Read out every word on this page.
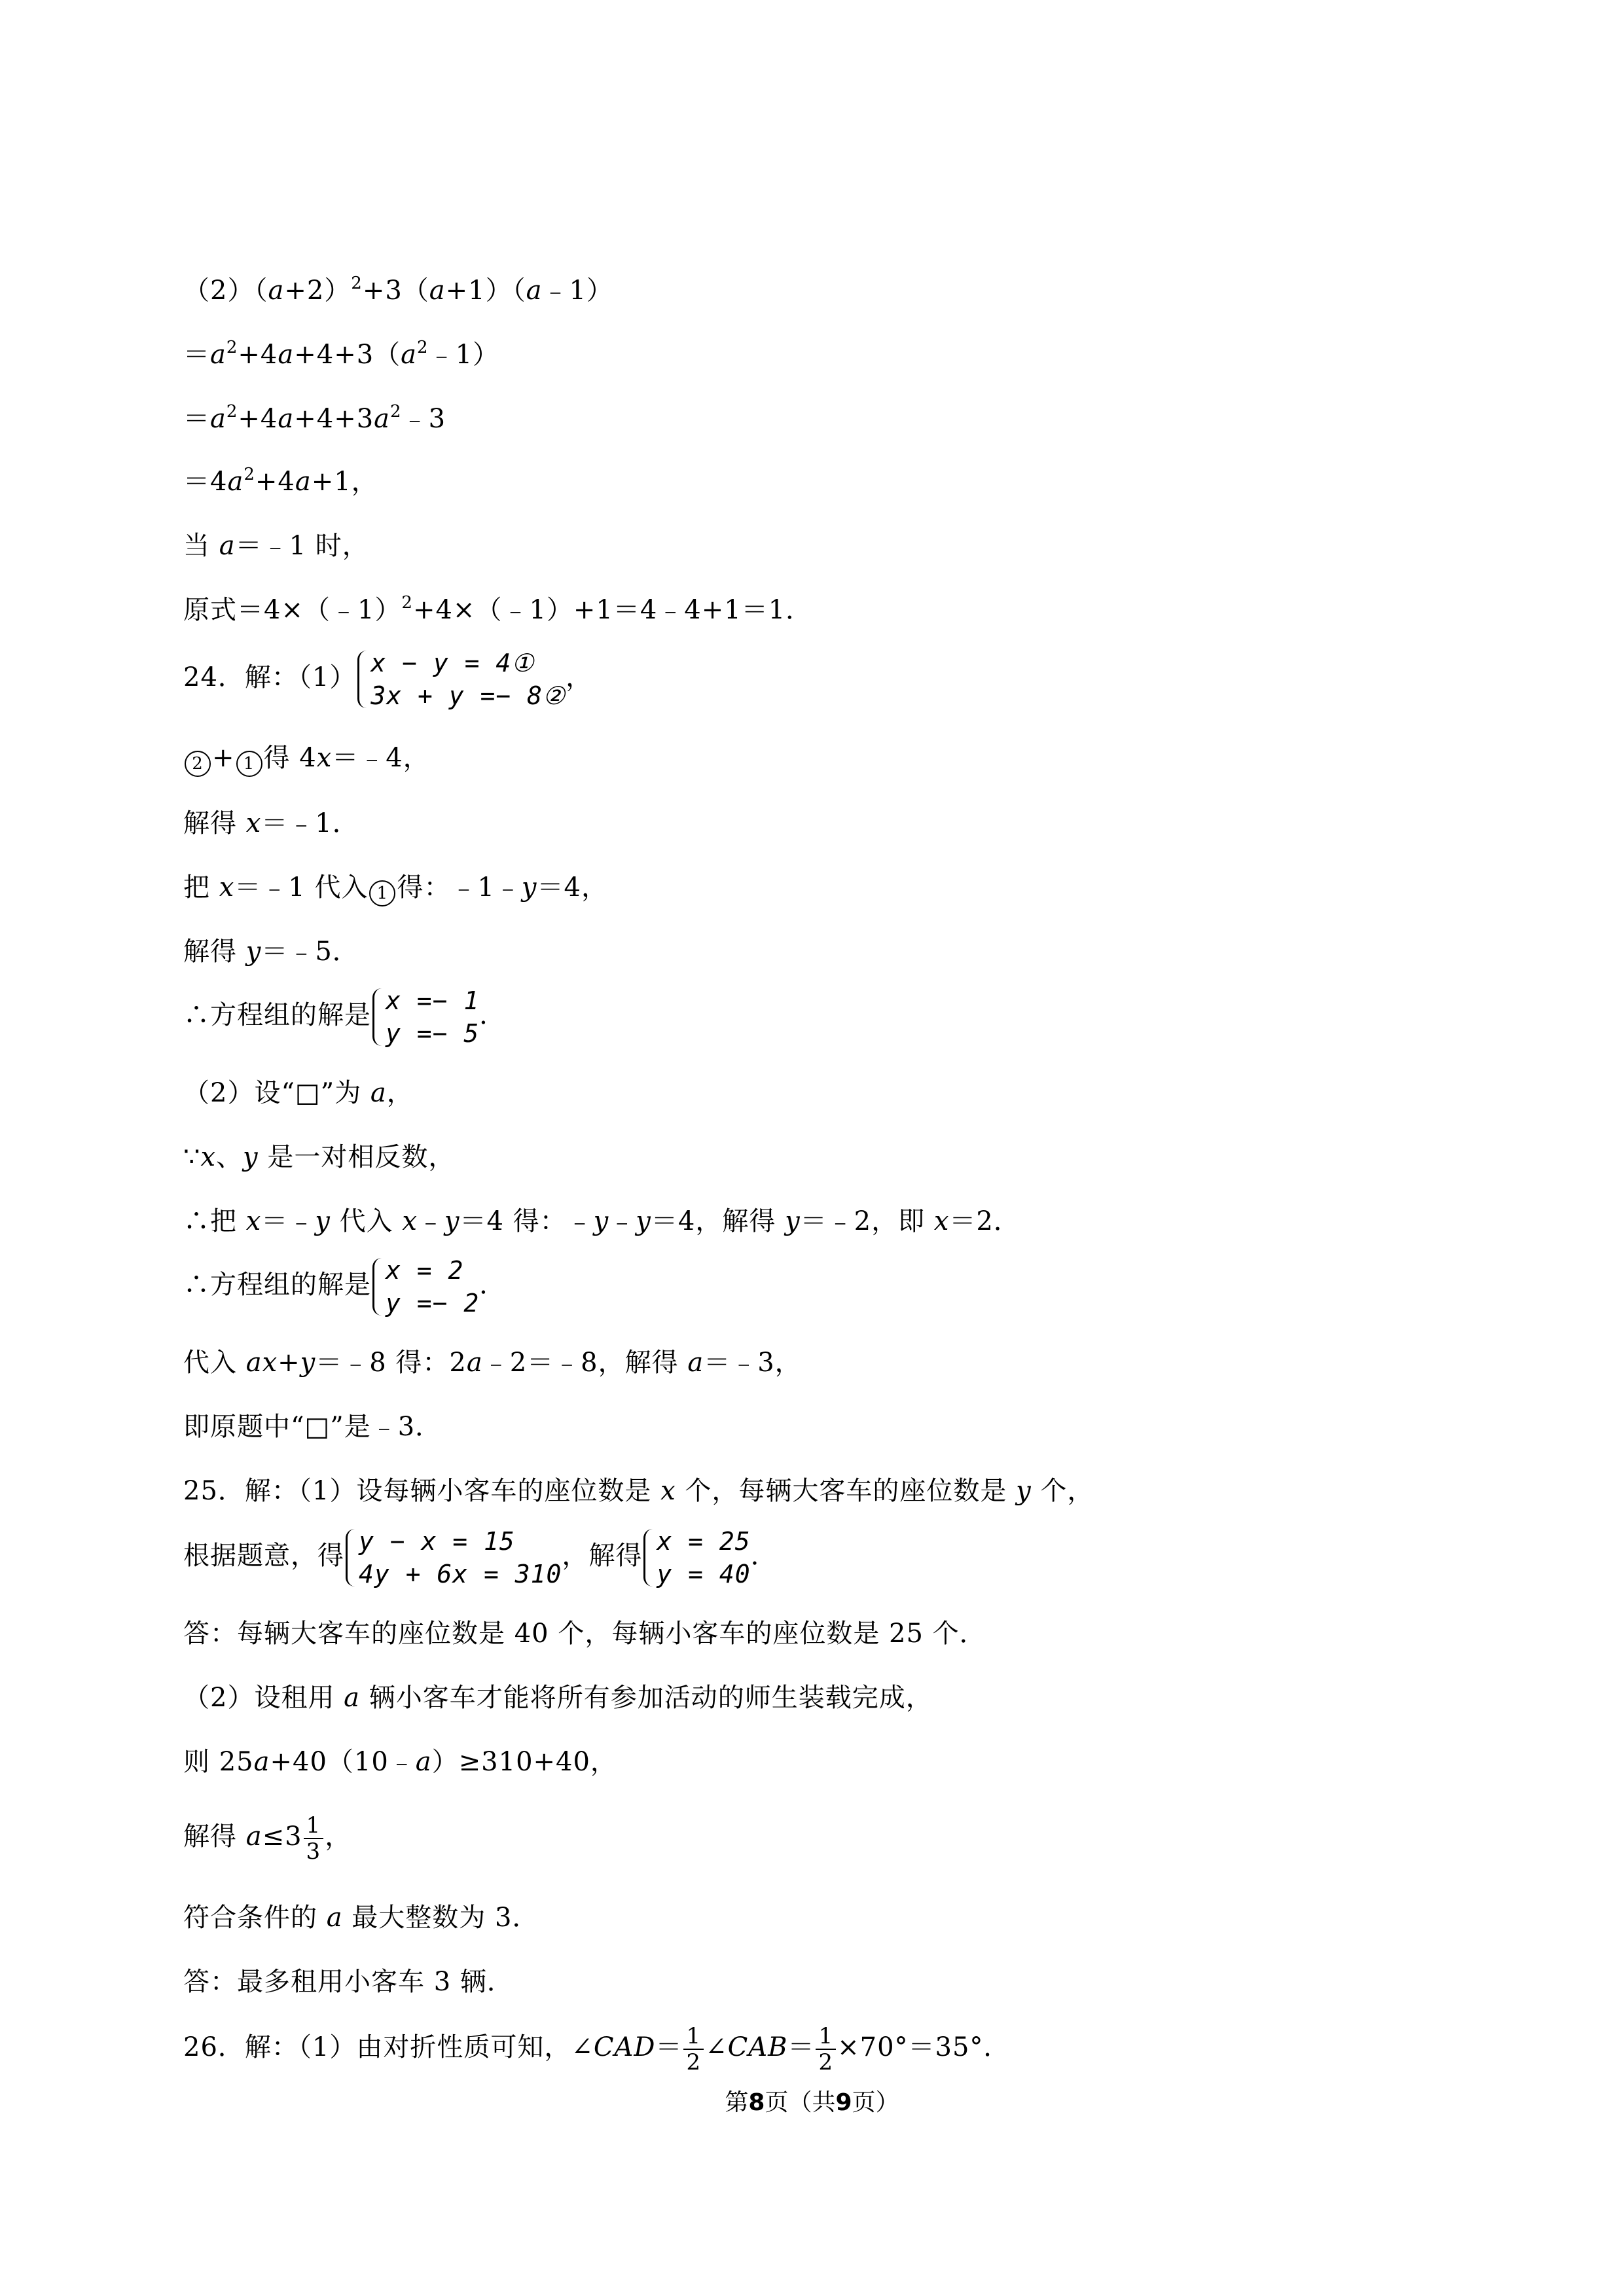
$(2)(a+2)^2+3(a+1)(a﹣1)$
$=a^2+4a+4+3(a^2﹣1)$
$=a^2+4a+4+3a^2﹣3$
$=4a^2+4a+1$，
当 a＝﹣1 时，
原式＝4×（﹣1）$^2$+4×（﹣1）+1＝4﹣4+1＝1．
24．解：（1） x − y = 4①
3x + y =− 8②
，
2 + 1 得 4x＝﹣4，
解得 x＝﹣1．
把 x＝﹣1 代入 1 得：﹣1﹣y＝4，
解得 y＝﹣5．
∴方程组的解是 x =− 1
y =− 5
．
（2）设“□”为 a，
∵x、y 是一对相反数，
∴把 x＝﹣y 代入 x﹣y＝4 得：﹣y﹣y＝4，解得 y＝﹣2，即 x＝2．
∴方程组的解是 x = 2
y =− 2
．
代入 ax+y＝﹣8 得：2a﹣2＝﹣8，解得 a＝﹣3，
即原题中“□”是﹣3．
25．解：（1）设每辆小客车的座位数是 x 个，每辆大客车的座位数是 y 个，
根据题意，得 y − x = 15
4y + 6x = 310
，解得 x = 25
y = 40
．
答：每辆大客车的座位数是 40 个，每辆小客车的座位数是 25 个．
（2）设租用 a 辆小客车才能将所有参加活动的师生装载完成，
则 25a+40（10﹣a）≥310+40，
解得 $a\le 3 \frac{1}{3}$ ，
符合条件的 a 最大整数为 3．
答：最多租用小客车 3 辆．
26．解：（1）由对折性质可知，∠CAD＝ $\frac{1}{2}$ ∠CAB＝ $\frac{1}{2} \times 70^\circ=35^\circ$．
第8页（共9页）
